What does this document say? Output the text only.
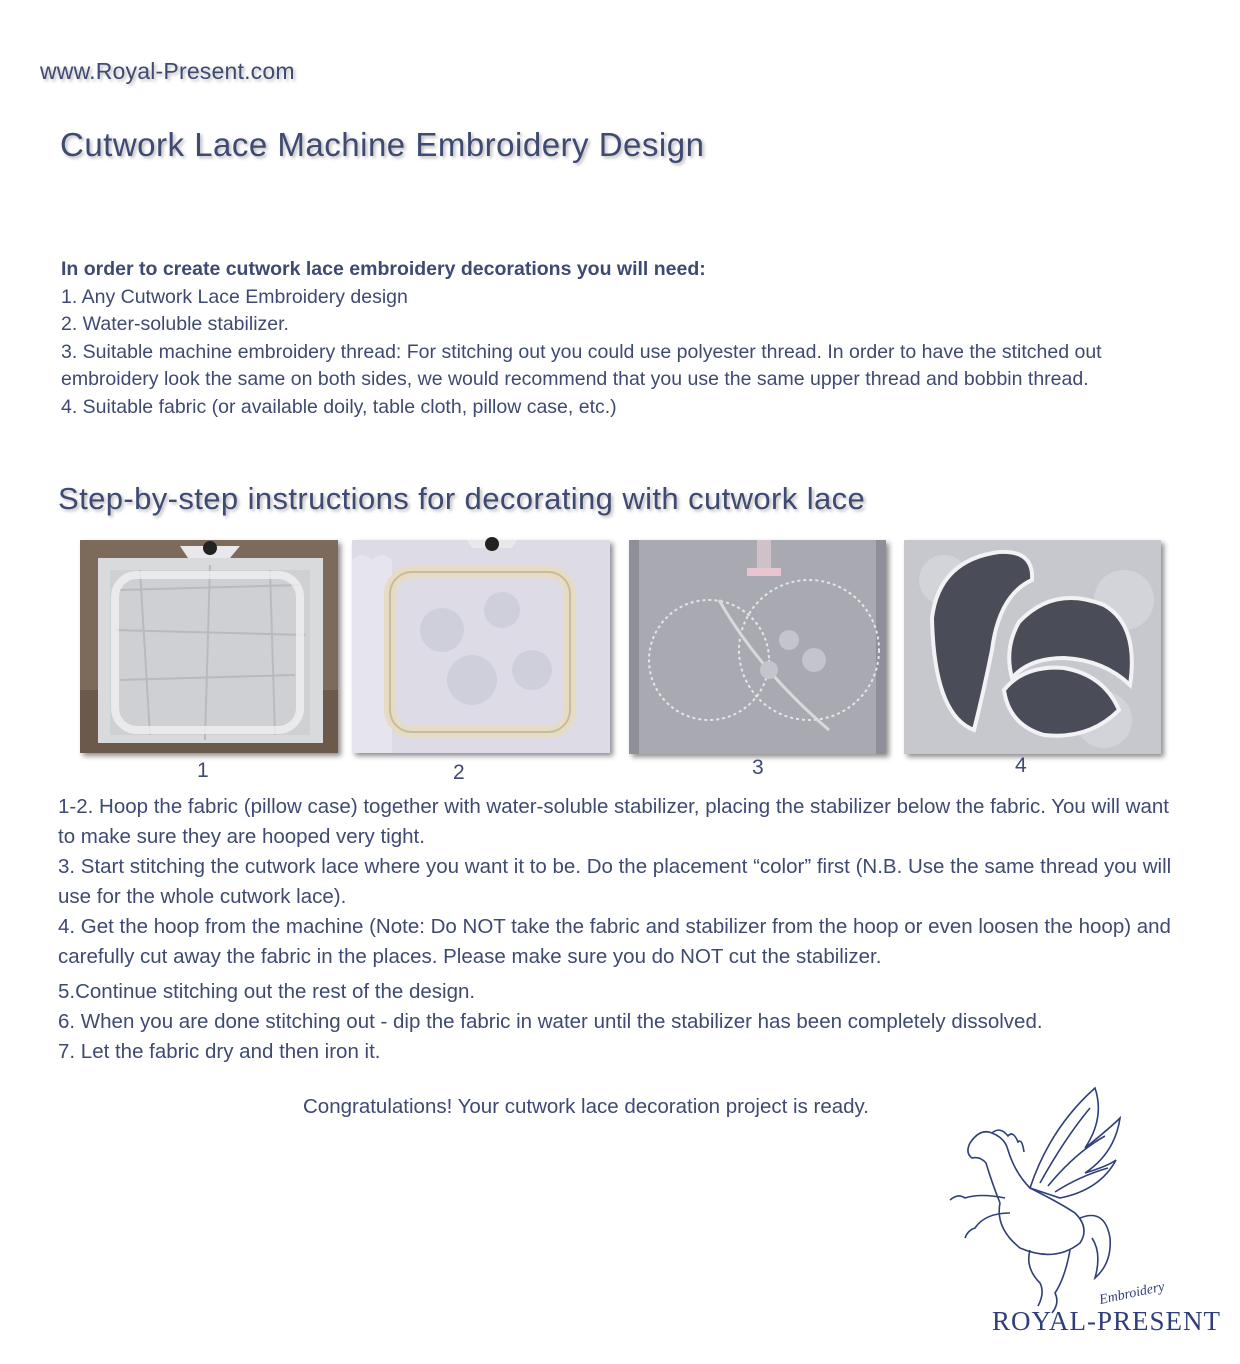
www.Royal-Present.com
Cutwork Lace Machine Embroidery Design
In order to create cutwork lace embroidery decorations you will need:
1. Any Cutwork Lace Embroidery design
2. Water-soluble stabilizer.
3. Suitable machine embroidery thread: For stitching out you could use polyester thread. In order to have the stitched out embroidery look the same on both sides, we would recommend that you use the same upper thread and bobbin thread.
4. Suitable fabric (or available doily, table cloth, pillow case, etc.)
Step-by-step instructions for decorating with cutwork lace
1	2	3	4

1-2. Hoop the fabric (pillow case) together with water-soluble stabilizer, placing the stabilizer below the fabric. You will want to make sure they are hooped very tight.

3. Start stitching the cutwork lace where you want it to be. Do the placement “color” first (N.B. Use the same thread you will use for the whole cutwork lace).

4. Get the hoop from the machine (Note: Do NOT take the fabric and stabilizer from the hoop or even loosen the hoop) and carefully cut away the fabric in the places. Please make sure you do NOT cut the stabilizer.

5.Continue stitching out the rest of the design.

6. When you are done stitching out - dip the fabric in water until the stabilizer has been completely dissolved.

7. Let the fabric dry and then iron it.

Congratulations! Your cutwork lace decoration project is ready.
ROYAL-PRESENT
Embroidery
